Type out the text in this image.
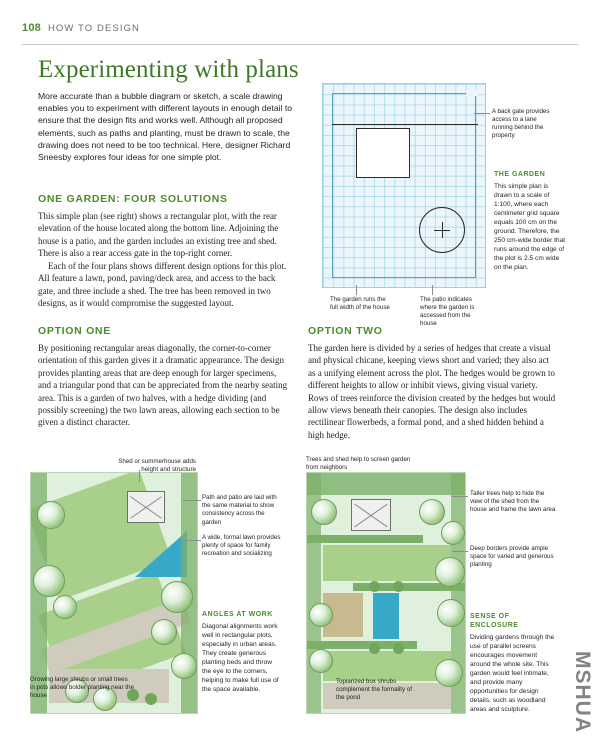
108 HOW TO DESIGN
Experimenting with plans
More accurate than a bubble diagram or sketch, a scale drawing enables you to experiment with different layouts in enough detail to ensure that the design fits and works well. Although all proposed elements, such as paths and planting, must be drawn to scale, the drawing does not need to be too technical. Here, designer Richard Sneesby explores four ideas for one simple plot.
ONE GARDEN: FOUR SOLUTIONS
This simple plan (see right) shows a rectangular plot, with the rear elevation of the house located along the bottom line. Adjoining the house is a patio, and the garden includes an existing tree and shed. There is also a rear access gate in the top-right corner.
Each of the four plans shows different design options for this plot. All feature a lawn, pond, paving/deck area, and access to the back gate, and three include a shed. The tree has been removed in two designs, as it would compromise the suggested layout.
OPTION ONE
By positioning rectangular areas diagonally, the corner-to-corner orientation of this garden gives it a dramatic appearance. The design provides planting areas that are deep enough for larger specimens, and a triangular pond that can be appreciated from the nearby seating area. This is a garden of two halves, with a hedge dividing (and possibly screening) the two lawn areas, allowing each section to be given a distinct character.
OPTION TWO
The garden here is divided by a series of hedges that create a visual and physical chicane, keeping views short and varied; they also act as a unifying element across the plot. The hedges would be grown to different heights to allow or inhibit views, giving visual variety. Rows of trees reinforce the division created by the hedges but would allow views beneath their canopies. The design also includes rectilinear flowerbeds, a formal pond, and a shed hidden behind a high hedge.
A back gate provides access to a lane running behind the property
The garden runs the full width of the house
The patio indicates where the garden is accessed from the house
THE GARDEN
This simple plan is drawn to a scale of 1:100, where each centimeter grid square equals 100 cm on the ground. Therefore, the 250 cm-wide border that runs around the edge of the plot is 2.5 cm wide on the plan.
Shed or summerhouse adds height and structure
Path and patio are laid with the same material to show consistency across the garden
A wide, formal lawn provides plenty of space for family recreation and socializing
Growing large shrubs or small trees in pots allows bolder planting near the house
ANGLES AT WORK
Diagonal alignments work well in rectangular plots, especially in urban areas. They create generous planting beds and throw the eye to the corners, helping to make full use of the space available.
Trees and shed help to screen garden from neighbors
Taller trees help to hide the view of the shed from the house and frame the lawn area
Deep borders provide ample space for varied and generous planting
Topiarized box shrubs complement the formality of the pond
SENSE OF ENCLOSURE
Dividing gardens through the use of parallel screens encourages movement around the whole site. This garden would feel intimate, and provide many opportunities for design details, such as woodland areas and sculpture.	MSHUA
